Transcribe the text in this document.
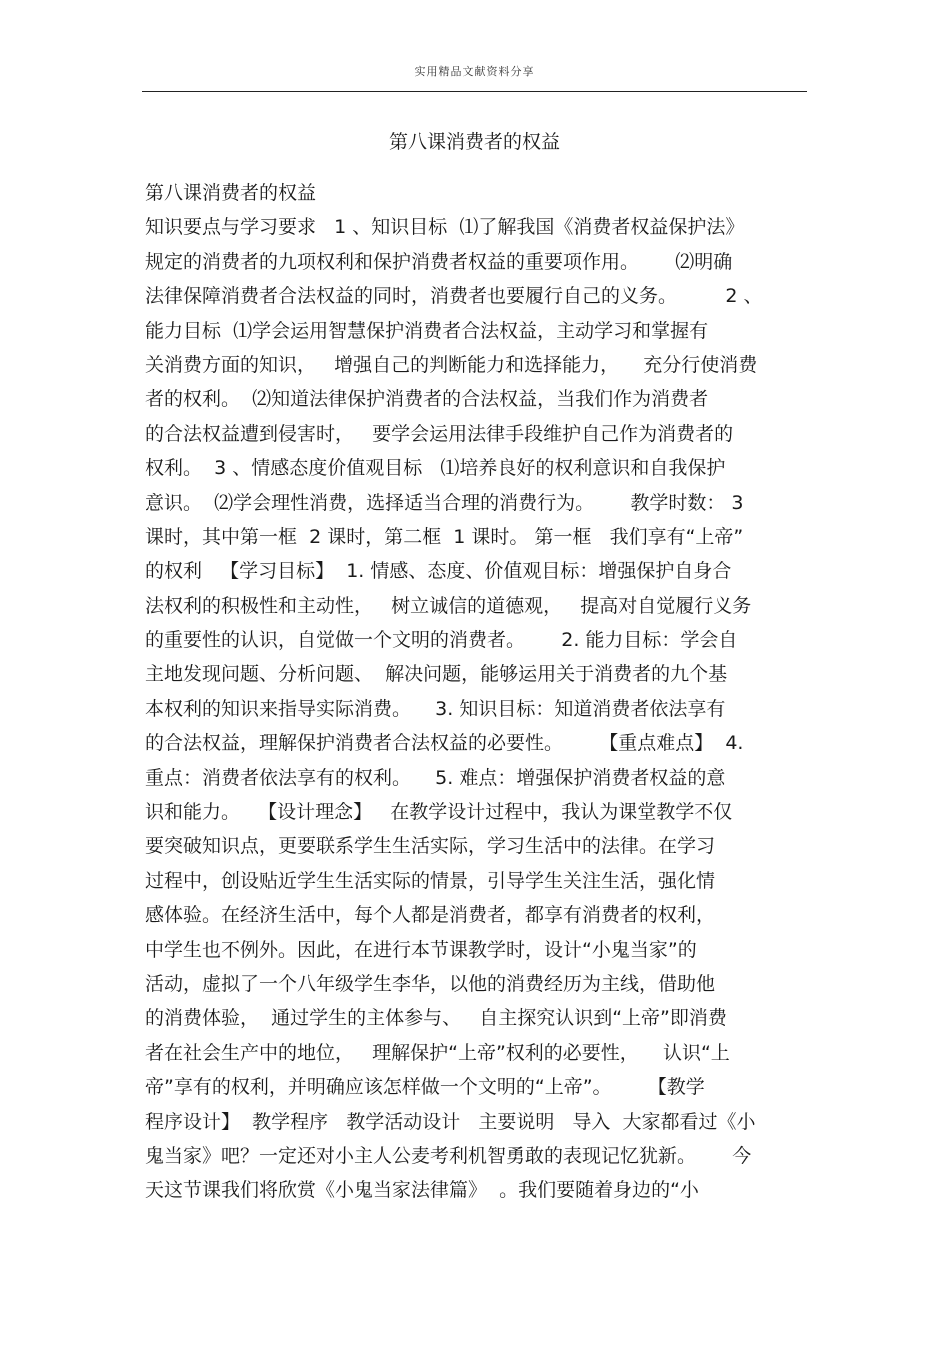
实用精品文献资料分享
第八课消费者的权益
第八课消费者的权益
知识要点与学习要求   1 、知识目标  ⑴了解我国《消费者权益保护法》
规定的消费者的九项权利和保护消费者权益的重要项作用。      ⑵明确
法律保障消费者合法权益的同时，消费者也要履行自己的义务。        2 、
能力目标  ⑴学会运用智慧保护消费者合法权益，主动学习和掌握有
关消费方面的知识，   增强自己的判断能力和选择能力，    充分行使消费
者的权利。  ⑵知道法律保护消费者的合法权益，当我们作为消费者
的合法权益遭到侵害时，   要学会运用法律手段维护自己作为消费者的
权利。  3 、情感态度价值观目标   ⑴培养良好的权利意识和自我保护
意识。  ⑵学会理性消费，选择适当合理的消费行为。      教学时数： 3
课时，其中第一框  2 课时，第二框  1 课时。 第一框   我们享有“上帝”
的权利   【学习目标】  1. 情感、态度、价值观目标：增强保护自身合
法权利的积极性和主动性，   树立诚信的道德观，   提高对自觉履行义务
的重要性的认识，自觉做一个文明的消费者。      2. 能力目标：学会自
主地发现问题、分析问题、  解决问题，能够运用关于消费者的九个基
本权利的知识来指导实际消费。    3. 知识目标：知道消费者依法享有
的合法权益，理解保护消费者合法权益的必要性。      【重点难点】  4.
重点：消费者依法享有的权利。    5. 难点：增强保护消费者权益的意
识和能力。   【设计理念】   在教学设计过程中，我认为课堂教学不仅
要突破知识点，更要联系学生生活实际，学习生活中的法律。在学习
过程中，创设贴近学生生活实际的情景，引导学生关注生活，强化情
感体验。在经济生活中，每个人都是消费者，都享有消费者的权利，
中学生也不例外。因此，在进行本节课教学时，设计“小鬼当家”的
活动，虚拟了一个八年级学生李华，以他的消费经历为主线，借助他
的消费体验，  通过学生的主体参与、   自主探究认识到“上帝”即消费
者在社会生产中的地位，   理解保护“上帝”权利的必要性，    认识“上
帝”享有的权利，并明确应该怎样做一个文明的“上帝”。      【教学
程序设计】  教学程序   教学活动设计   主要说明   导入  大家都看过《小
鬼当家》吧？一定还对小主人公麦考利机智勇敢的表现记忆犹新。      今
天这节课我们将欣赏《小鬼当家法律篇》  。我们要随着身边的“小
